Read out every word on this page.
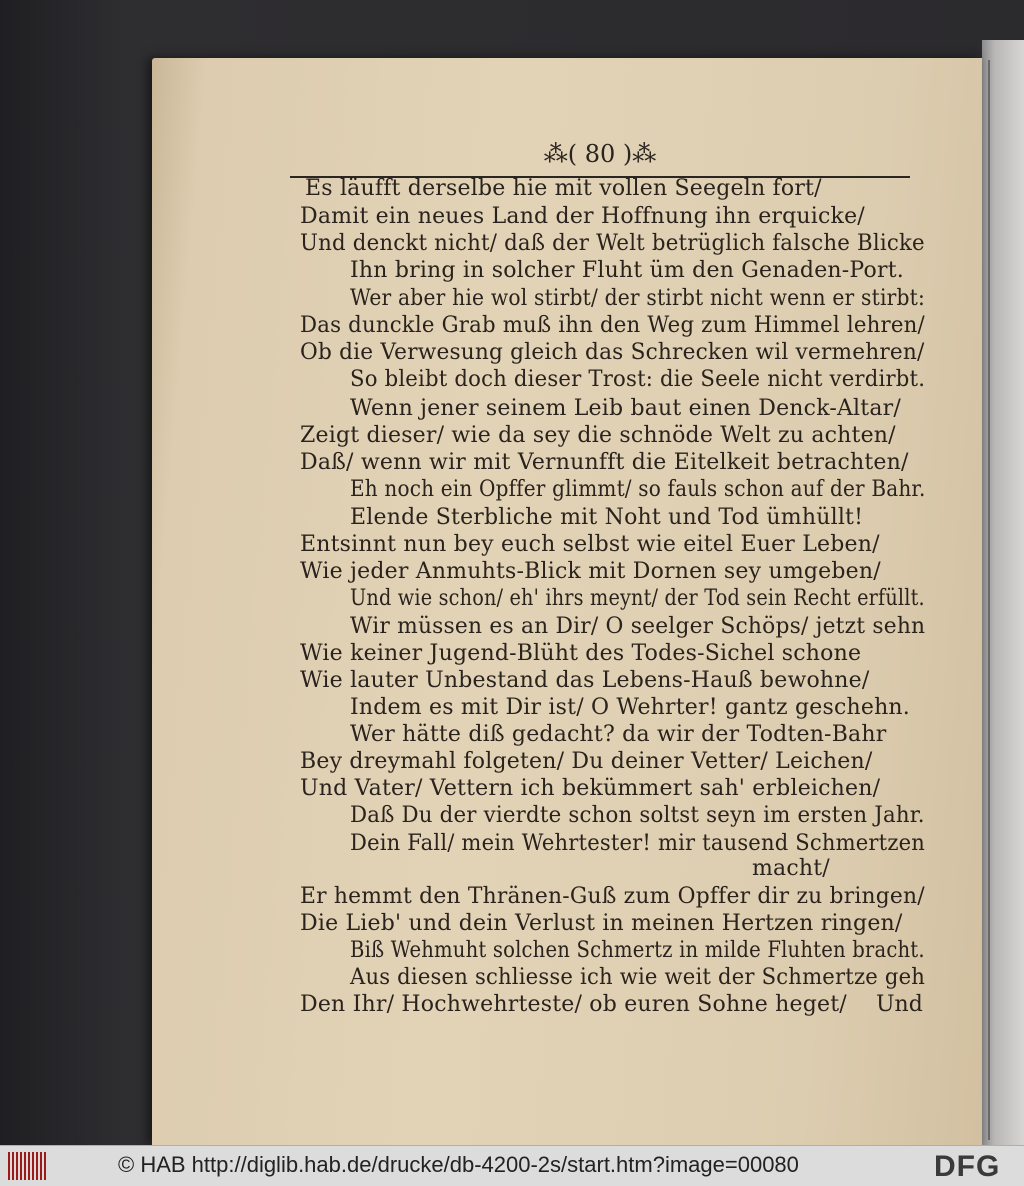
⁂( 80 )⁂
Es läufft derselbe hie mit vollen Seegeln fort/
Damit ein neues Land der Hoffnung ihn erquicke/
Und denckt nicht/ daß der Welt betrüglich falsche Blicke
Ihn bring in solcher Fluht üm den Genaden-Port.
Wer aber hie wol stirbt/ der stirbt nicht wenn er stirbt:
Das dunckle Grab muß ihn den Weg zum Himmel lehren/
Ob die Verwesung gleich das Schrecken wil vermehren/
So bleibt doch dieser Trost: die Seele nicht verdirbt.
Wenn jener seinem Leib baut einen Denck-Altar/
Zeigt dieser/ wie da sey die schnöde Welt zu achten/
Daß/ wenn wir mit Vernunfft die Eitelkeit betrachten/
Eh noch ein Opffer glimmt/ so fauls schon auf der Bahr.
Elende Sterbliche mit Noht und Tod ümhüllt!
Entsinnt nun bey euch selbst wie eitel Euer Leben/
Wie jeder Anmuhts-Blick mit Dornen sey umgeben/
Und wie schon/ eh' ihrs meynt/ der Tod sein Recht erfüllt.
Wir müssen es an Dir/ O seelger Schöps/ jetzt sehn
Wie keiner Jugend-Blüht des Todes-Sichel schone
Wie lauter Unbestand das Lebens-Hauß bewohne/
Indem es mit Dir ist/ O Wehrter! gantz geschehn.
Wer hätte diß gedacht? da wir der Todten-Bahr
Bey dreymahl folgeten/ Du deiner Vetter/ Leichen/
Und Vater/ Vettern ich bekümmert sah' erbleichen/
Daß Du der vierdte schon soltst seyn im ersten Jahr.
Dein Fall/ mein Wehrtester! mir tausend Schmertzen
macht/
Er hemmt den Thränen-Guß zum Opffer dir zu bringen/
Die Lieb' und dein Verlust in meinen Hertzen ringen/
Biß Wehmuht solchen Schmertz in milde Fluhten bracht.
Aus diesen schliesse ich wie weit der Schmertze geh
Den Ihr/ Hochwehrteste/ ob euren Sohne heget/ Und
© HAB http://diglib.hab.de/drucke/db-4200-2s/start.htm?image=00080	DFG
